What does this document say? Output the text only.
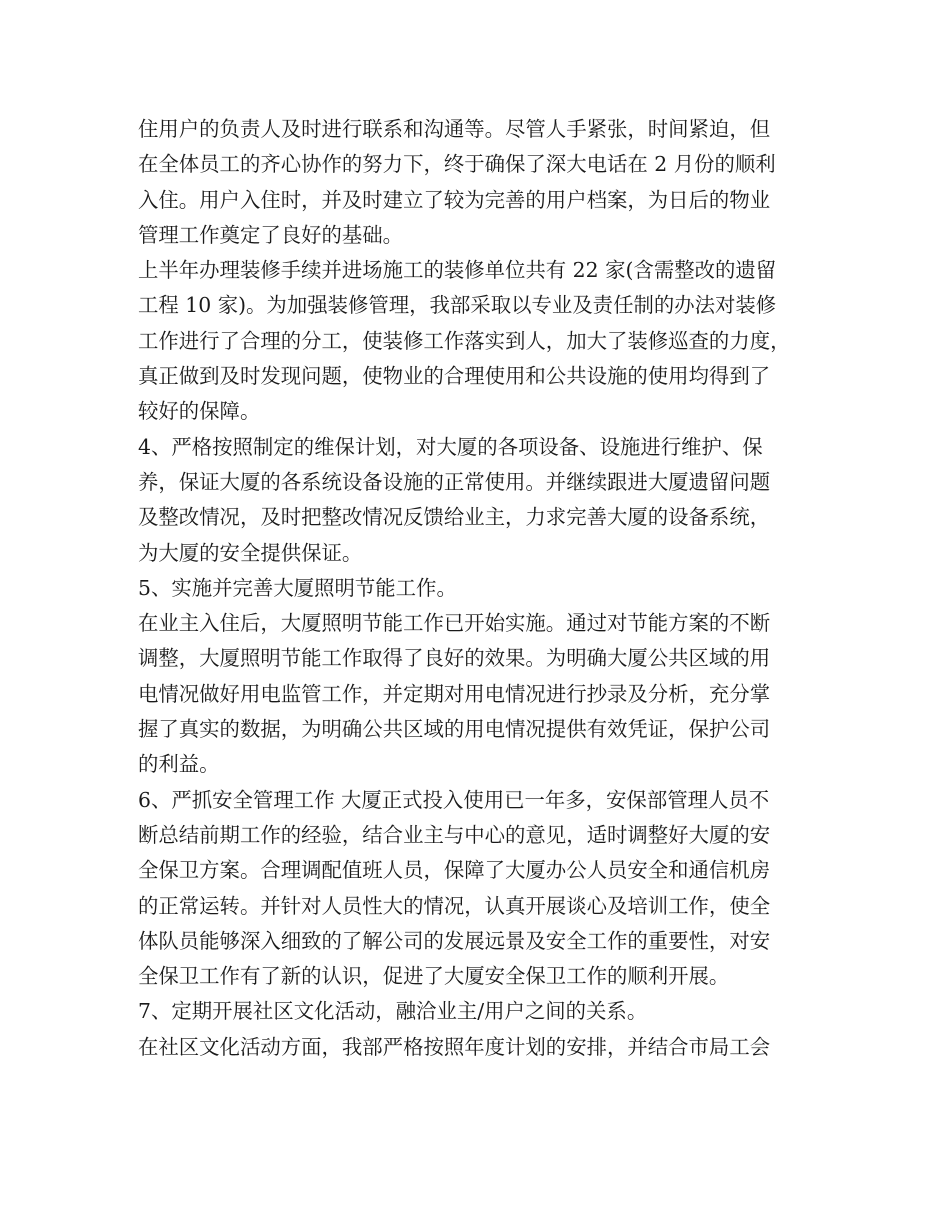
住用户的负责人及时进行联系和沟通等。尽管人手紧张，时间紧迫，但
在全体员工的齐心协作的努力下，终于确保了深大电话在 2 月份的顺利
入住。用户入住时，并及时建立了较为完善的用户档案，为日后的物业
管理工作奠定了良好的基础。
上半年办理装修手续并进场施工的装修单位共有 22 家(含需整改的遗留
工程 10 家)。为加强装修管理，我部采取以专业及责任制的办法对装修
工作进行了合理的分工，使装修工作落实到人，加大了装修巡查的力度，
真正做到及时发现问题，使物业的合理使用和公共设施的使用均得到了
较好的保障。
4、严格按照制定的维保计划，对大厦的各项设备、设施进行维护、保
养，保证大厦的各系统设备设施的正常使用。并继续跟进大厦遗留问题
及整改情况，及时把整改情况反馈给业主，力求完善大厦的设备系统，
为大厦的安全提供保证。
5、实施并完善大厦照明节能工作。
在业主入住后，大厦照明节能工作已开始实施。通过对节能方案的不断
调整，大厦照明节能工作取得了良好的效果。为明确大厦公共区域的用
电情况做好用电监管工作，并定期对用电情况进行抄录及分析，充分掌
握了真实的数据，为明确公共区域的用电情况提供有效凭证，保护公司
的利益。
6、严抓安全管理工作 大厦正式投入使用已一年多，安保部管理人员不
断总结前期工作的经验，结合业主与中心的意见，适时调整好大厦的安
全保卫方案。合理调配值班人员，保障了大厦办公人员安全和通信机房
的正常运转。并针对人员性大的情况，认真开展谈心及培训工作，使全
体队员能够深入细致的了解公司的发展远景及安全工作的重要性，对安
全保卫工作有了新的认识，促进了大厦安全保卫工作的顺利开展。
7、定期开展社区文化活动，融洽业主/用户之间的关系。
在社区文化活动方面，我部严格按照年度计划的安排，并结合市局工会
